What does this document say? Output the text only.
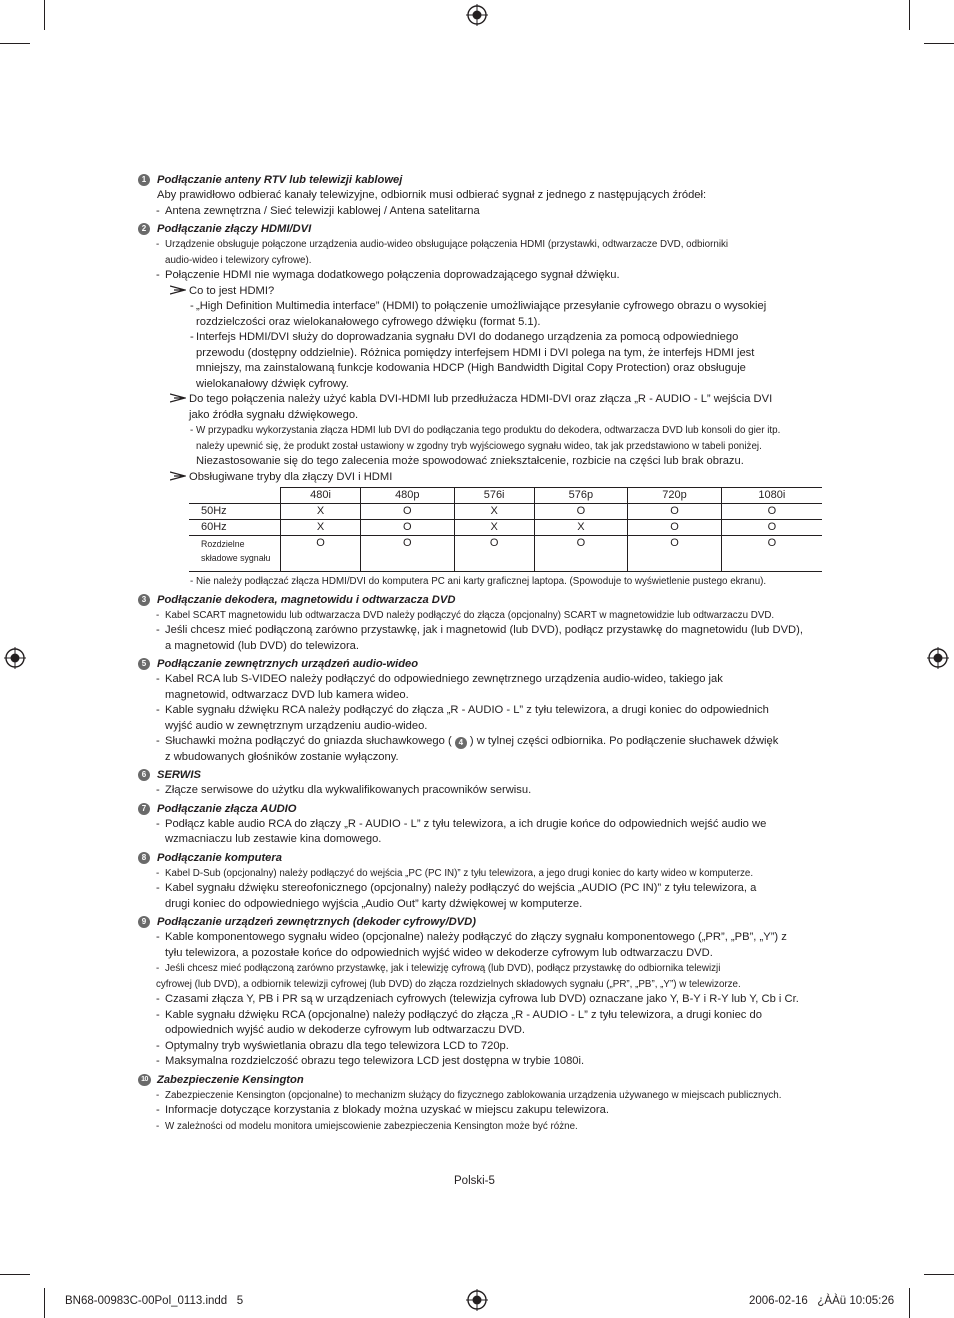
1 Podłączanie anteny RTV lub telewizji kablowej
Aby prawidłowo odbierać kanały telewizyjne, odbiornik musi odbierać sygnał z jednego z następujących źródeł:
- Antena zewnętrzna / Sieć telewizji kablowej / Antena satelitarna
2 Podłączanie złączy HDMI/DVI
- Urządzenie obsługuje połączone urządzenia audio-wideo obsługujące połączenia HDMI (przystawki, odtwarzacze DVD, odbiorniki
audio-wideo i telewizory cyfrowe).
- Połączenie HDMI nie wymaga dodatkowego połączenia doprowadzającego sygnał dźwięku.
Co to jest HDMI?
- „High Definition Multimedia interface” (HDMI) to połączenie umożliwiające przesyłanie cyfrowego obrazu o wysokiej
rozdzielczości oraz wielokanałowego cyfrowego dźwięku (format 5.1).
- Interfejs HDMI/DVI służy do doprowadzania sygnału DVI do dodanego urządzenia za pomocą odpowiedniego
przewodu (dostępny oddzielnie). Różnica pomiędzy interfejsem HDMI i DVI polega na tym, że interfejs HDMI jest
mniejszy, ma zainstalowaną funkcje kodowania HDCP (High Bandwidth Digital Copy Protection) oraz obsługuje
wielokanałowy dźwięk cyfrowy.
Do tego połączenia należy użyć kabla DVI-HDMI lub przedłużacza HDMI-DVI oraz złącza „R - AUDIO - L” wejścia DVI
jako źródła sygnału dźwiękowego.
- W przypadku wykorzystania złącza HDMI lub DVI do podłączania tego produktu do dekodera, odtwarzacza DVD lub konsoli do gier itp.
należy upewnić się, że produkt został ustawiony w zgodny tryb wyjściowego sygnału wideo, tak jak przedstawiono w tabeli poniżej.
Niezastosowanie się do tego zalecenia może spowodować zniekształcenie, rozbicie na części lub brak obrazu.
Obsługiwane tryby dla złączy DVI i HDMI
	480i	480p	576i	576p	720p	1080i
50Hz	X	O	X	O	O	O
60Hz	X	O	X	X	O	O

Rozdzielne
składowe sygnału	O	O	O	O	O	O
- Nie należy podłączać złącza HDMI/DVI do komputera PC ani karty graficznej laptopa. (Spowoduje to wyświetlenie pustego ekranu).
3 Podłączanie dekodera, magnetowidu i odtwarzacza DVD
- Kabel SCART magnetowidu lub odtwarzacza DVD należy podłączyć do złącza (opcjonalny) SCART w magnetowidzie lub odtwarzaczu DVD.
- Jeśli chcesz mieć podłączoną zarówno przystawkę, jak i magnetowid (lub DVD), podłącz przystawkę do magnetowidu (lub DVD),
a magnetowid (lub DVD) do telewizora.
5 Podłączanie zewnętrznych urządzeń audio-wideo
- Kabel RCA lub S-VIDEO należy podłączyć do odpowiedniego zewnętrznego urządzenia audio-wideo, takiego jak
magnetowid, odtwarzacz DVD lub kamera wideo.
- Kable sygnału dźwięku RCA należy podłączyć do złącza „R - AUDIO - L” z tyłu telewizora, a drugi koniec do odpowiednich
wyjść audio w zewnętrznym urządzeniu audio-wideo.
- Słuchawki można podłączyć do gniazda słuchawkowego ( 4 ) w tylnej części odbiornika. Po podłączenie słuchawek dźwięk
z wbudowanych głośników zostanie wyłączony.
6 SERWIS
- Złącze serwisowe do użytku dla wykwalifikowanych pracowników serwisu.
7 Podłączanie złącza AUDIO
- Podłącz kable audio RCA do złączy „R - AUDIO - L” z tyłu telewizora, a ich drugie końce do odpowiednich wejść audio we
wzmacniaczu lub zestawie kina domowego.
8 Podłączanie komputera
- Kabel D-Sub (opcjonalny) należy podłączyć do wejścia „PC (PC IN)” z tyłu telewizora, a jego drugi koniec do karty wideo w komputerze.
- Kabel sygnału dźwięku stereofonicznego (opcjonalny) należy podłączyć do wejścia „AUDIO (PC IN)” z tyłu telewizora, a
drugi koniec do odpowiedniego wyjścia „Audio Out” karty dźwiękowej w komputerze.
9 Podłączanie urządzeń zewnętrznych (dekoder cyfrowy/DVD)
- Kable komponentowego sygnału wideo (opcjonalne) należy podłączyć do złączy sygnału komponentowego („PR”, „PB”, „Y”) z
tyłu telewizora, a pozostałe końce do odpowiednich wyjść wideo w dekoderze cyfrowym lub odtwarzaczu DVD.
- Jeśli chcesz mieć podłączoną zarówno przystawkę, jak i telewizję cyfrową (lub DVD), podłącz przystawkę do odbiornika telewizji
cyfrowej (lub DVD), a odbiornik telewizji cyfrowej (lub DVD) do złącza rozdzielnych składowych sygnału („PR”, „PB”, „Y”) w telewizorze.
- Czasami złącza Y, PB i PR są w urządzeniach cyfrowych (telewizja cyfrowa lub DVD) oznaczane jako Y, B-Y i R-Y lub Y, Cb i Cr.
- Kable sygnału dźwięku RCA (opcjonalne) należy podłączyć do złącza „R - AUDIO - L” z tyłu telewizora, a drugi koniec do
odpowiednich wyjść audio w dekoderze cyfrowym lub odtwarzaczu DVD.
- Optymalny tryb wyświetlania obrazu dla tego telewizora LCD to 720p.
- Maksymalna rozdzielczość obrazu tego telewizora LCD jest dostępna w trybie 1080i.
10 Zabezpieczenie Kensington
- Zabezpieczenie Kensington (opcjonalne) to mechanizm służący do fizycznego zablokowania urządzenia używanego w miejscach publicznych.
- Informacje dotyczące korzystania z blokady można uzyskać w miejscu zakupu telewizora.
- W zależności od modelu monitora umiejscowienie zabezpieczenia Kensington może być różne.
Polski-5
BN68-00983C-00Pol_0113.indd   5	2006-02-16   ¿ÀÀü 10:05:26
